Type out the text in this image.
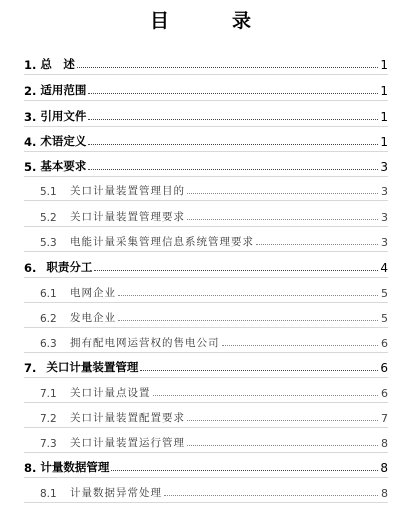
目　录
1. 总　述	1
2. 适用范围	1
3. 引用文件	1
4. 术语定义	1
5. 基本要求	3
5.1	关口计量装置管理目的	3
5.2	关口计量装置管理要求	3
5.3	电能计量采集管理信息系统管理要求	3
6. 职责分工	4
6.1	电网企业	5
6.2	发电企业	5
6.3	拥有配电网运营权的售电公司	6
7. 关口计量装置管理	6
7.1	关口计量点设置	6
7.2	关口计量装置配置要求	7
7.3	关口计量装置运行管理	8
8. 计量数据管理	8
8.1	计量数据异常处理	8
